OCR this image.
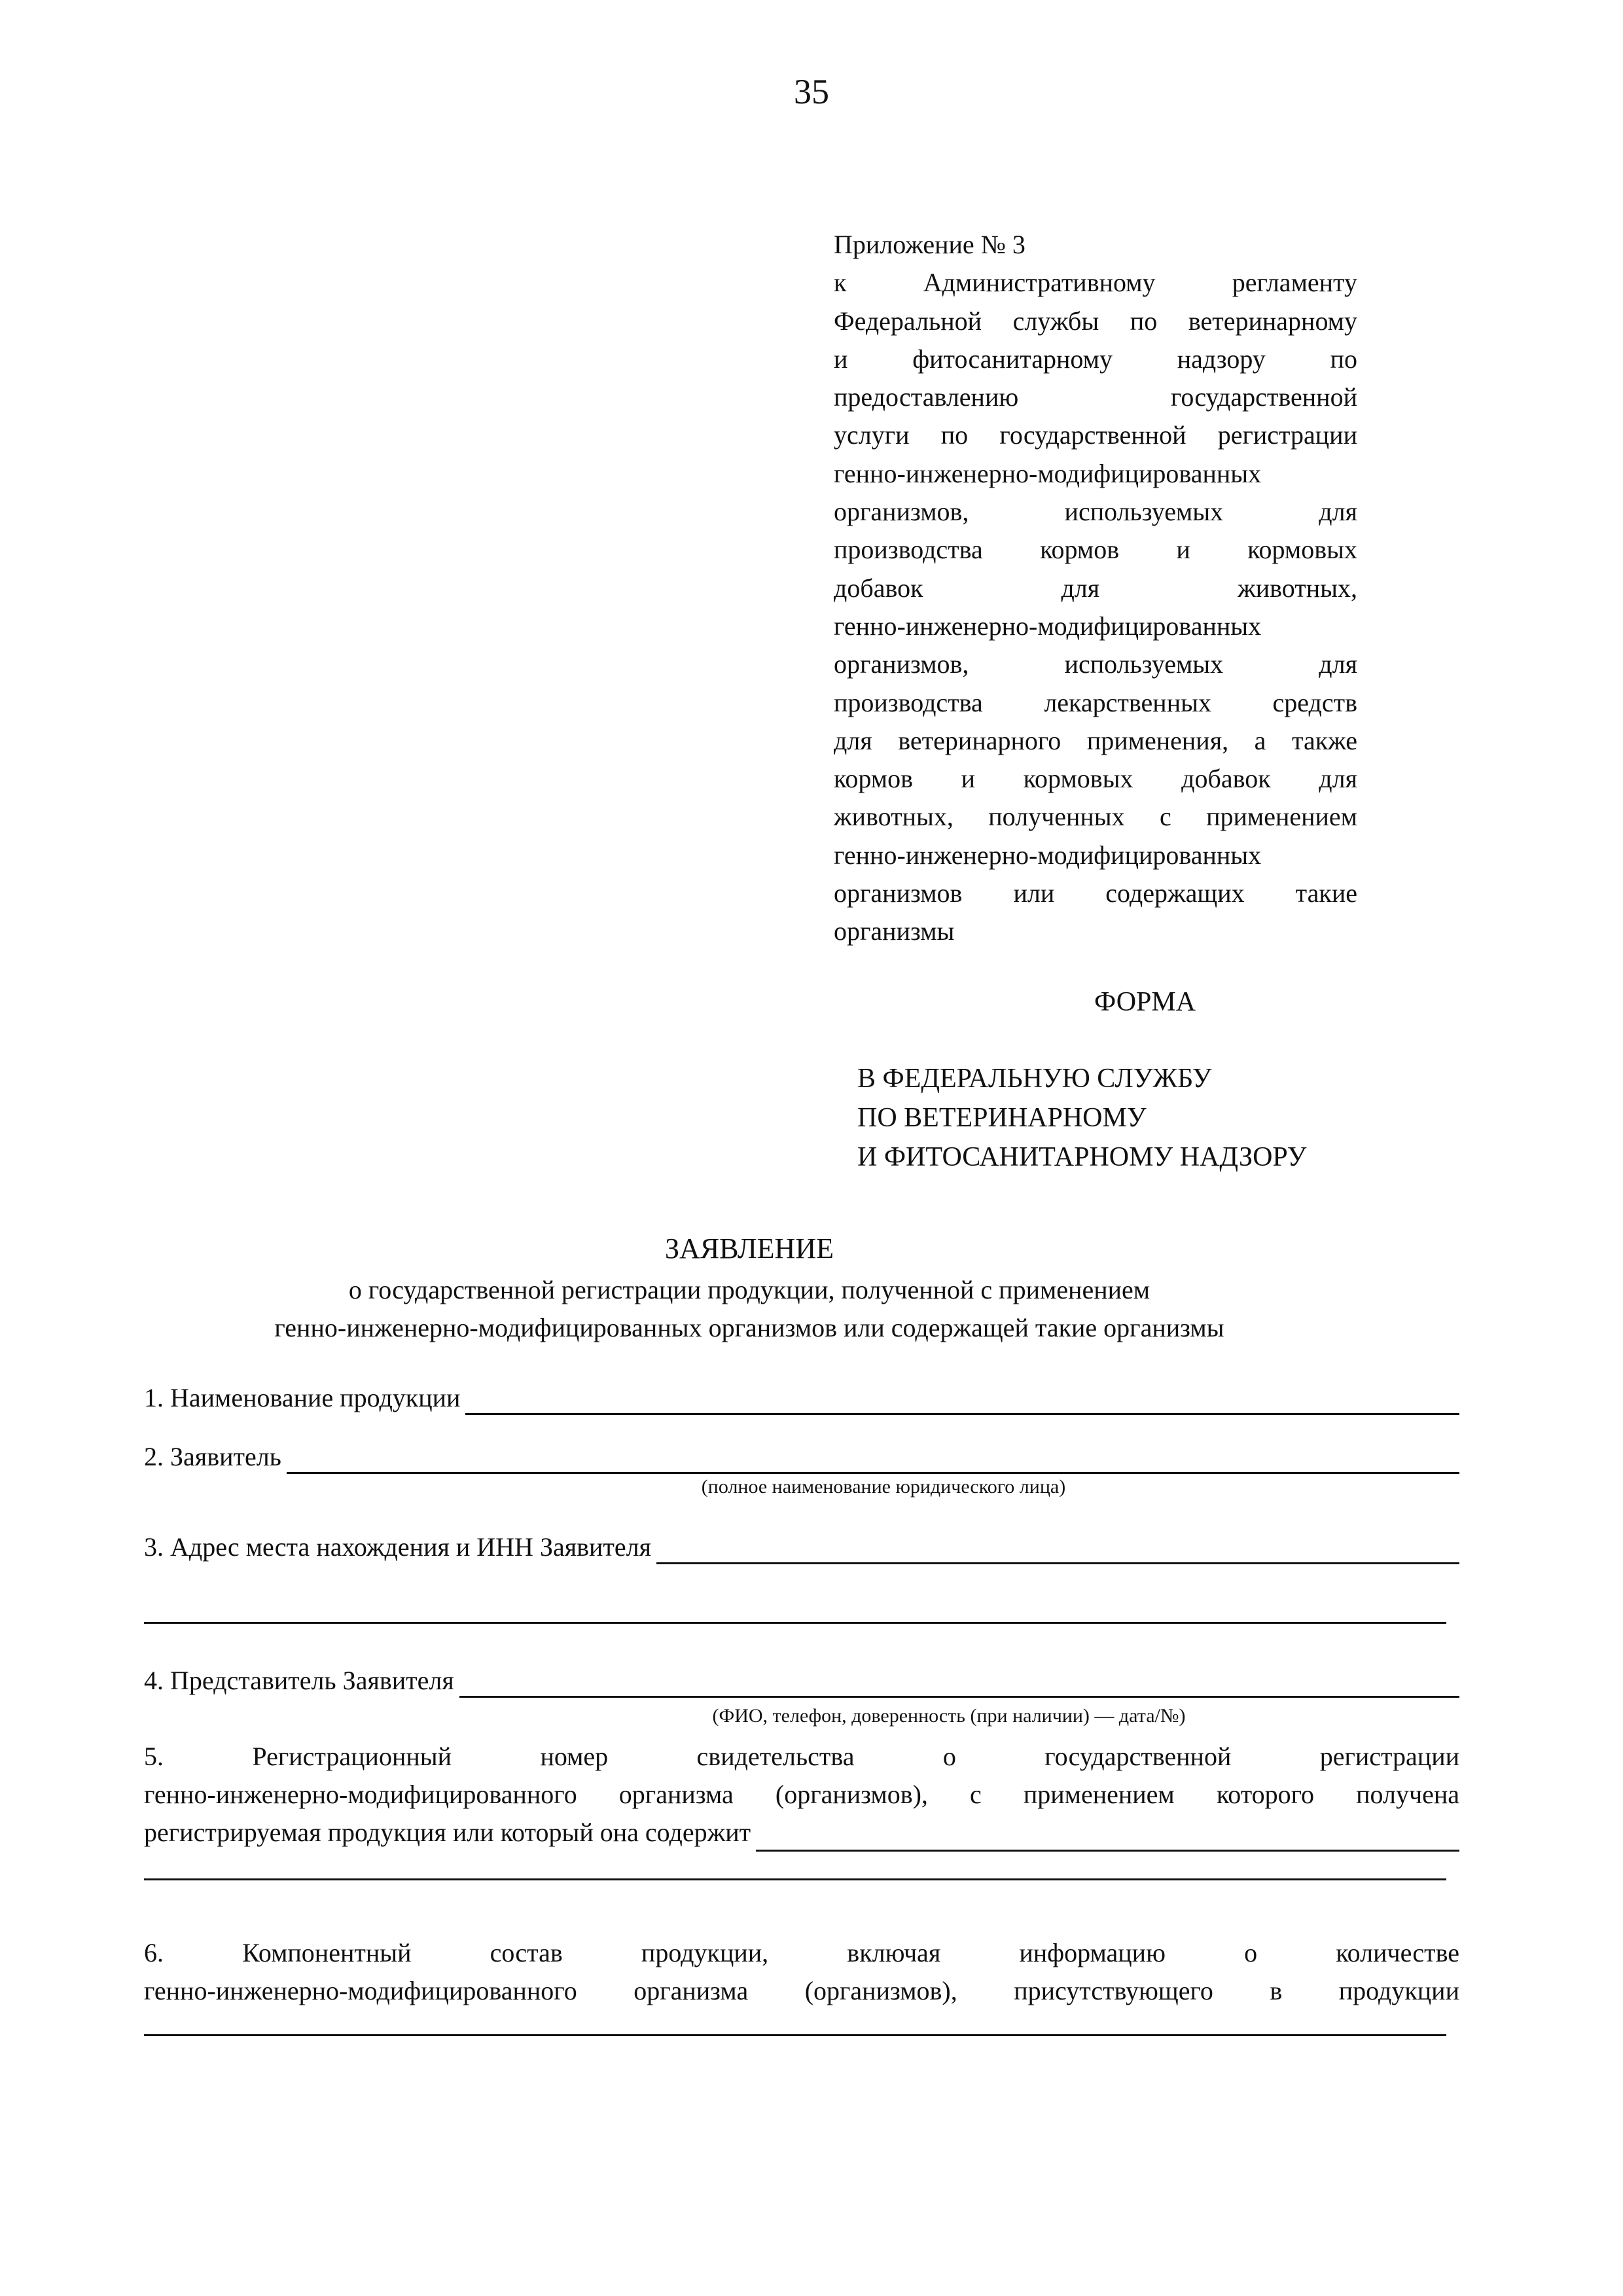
35
Приложение № 3
к Административному регламенту
Федеральной службы по ветеринарному
и фитосанитарному надзору по
предоставлению государственной
услуги по государственной регистрации
генно-инженерно-модифицированных
организмов, используемых для
производства кормов и кормовых
добавок для животных,
генно-инженерно-модифицированных
организмов, используемых для
производства лекарственных средств
для ветеринарного применения, а также
кормов и кормовых добавок для
животных, полученных с применением
генно-инженерно-модифицированных
организмов или содержащих такие
организмы
ФОРМА
В ФЕДЕРАЛЬНУЮ СЛУЖБУ
ПО ВЕТЕРИНАРНОМУ
И ФИТОСАНИТАРНОМУ НАДЗОРУ
ЗАЯВЛЕНИЕ
о государственной регистрации продукции, полученной с применением
генно-инженерно-модифицированных организмов или содержащей такие организмы
1. Наименование продукции
2. Заявитель
(полное наименование юридического лица)
3. Адрес места нахождения и ИНН Заявителя
4. Представитель Заявителя
(ФИО, телефон, доверенность (при наличии) — дата/№)
5. Регистрационный номер свидетельства о государственной регистрации
генно-инженерно-модифицированного организма (организмов), с применением которого получена
регистрируемая продукция или который она содержит
6. Компонентный состав продукции, включая информацию о количестве
генно-инженерно-модифицированного организма (организмов), присутствующего в продукции
